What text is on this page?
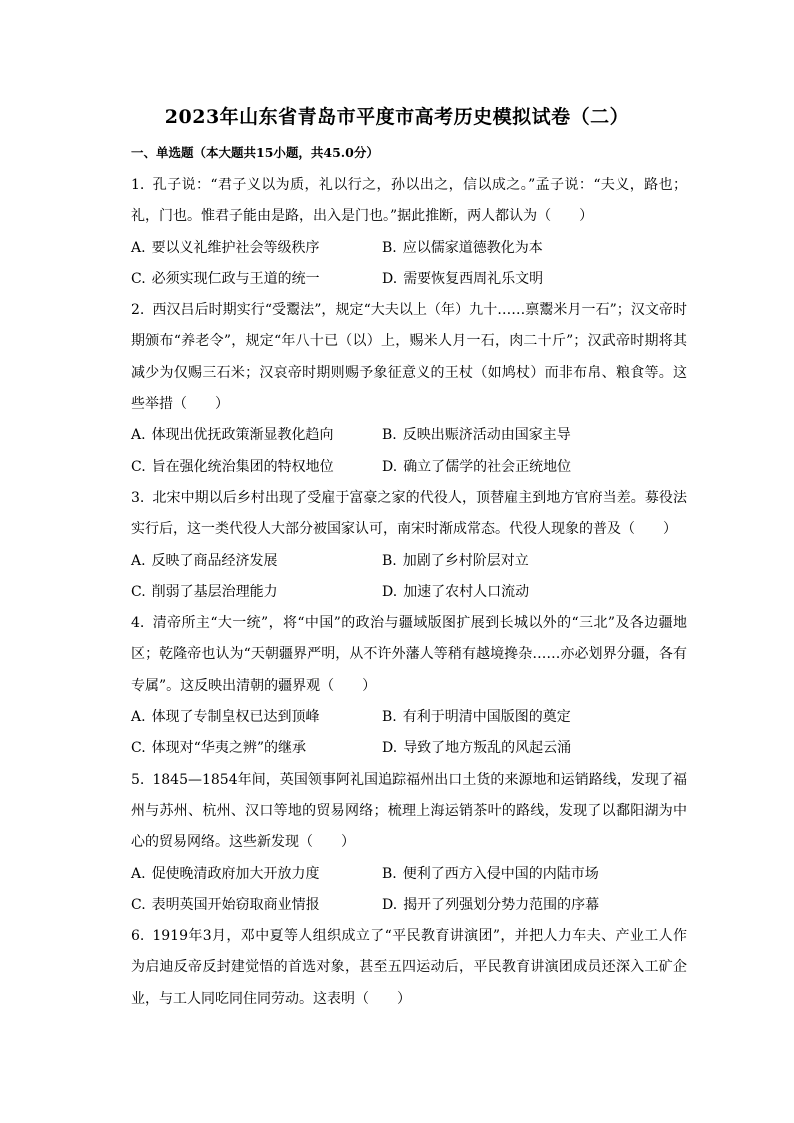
2023年山东省青岛市平度市高考历史模拟试卷（二）
一、单选题（本大题共15小题，共45.0分）

1. 孔子说：“君子义以为质，礼以行之，孙以出之，信以成之。”孟子说：“夫义，路也；礼，门也。惟君子能由是路，出入是门也。”据此推断，两人都认为（　　）

A. 要以义礼维护社会等级秩序	B. 应以儒家道德教化为本
C. 必须实现仁政与王道的统一	D. 需要恢复西周礼乐文明

2. 西汉吕后时期实行“受鬻法”，规定“大夫以上（年）九十……禀鬻米月一石”；汉文帝时期颁布“养老令”，规定“年八十已（以）上，赐米人月一石，肉二十斤”；汉武帝时期将其减少为仅赐三石米；汉哀帝时期则赐予象征意义的王杖（如鸠杖）而非布帛、粮食等。这些举措（　　）

A. 体现出优抚政策渐显教化趋向	B. 反映出赈济活动由国家主导
C. 旨在强化统治集团的特权地位	D. 确立了儒学的社会正统地位

3. 北宋中期以后乡村出现了受雇于富豪之家的代役人，顶替雇主到地方官府当差。募役法实行后，这一类代役人大部分被国家认可，南宋时渐成常态。代役人现象的普及（　　）

A. 反映了商品经济发展	B. 加剧了乡村阶层对立
C. 削弱了基层治理能力	D. 加速了农村人口流动

4. 清帝所主“大一统”，将“中国”的政治与疆域版图扩展到长城以外的“三北”及各边疆地区；乾隆帝也认为“天朝疆界严明，从不许外藩人等稍有越境搀杂……亦必划界分疆，各有专属”。这反映出清朝的疆界观（　　）

A. 体现了专制皇权已达到顶峰	B. 有利于明清中国版图的奠定
C. 体现对“华夷之辨”的继承	D. 导致了地方叛乱的风起云涌

5. 1845—1854年间，英国领事阿礼国追踪福州出口土货的来源地和运销路线，发现了福州与苏州、杭州、汉口等地的贸易网络；梳理上海运销茶叶的路线，发现了以鄱阳湖为中心的贸易网络。这些新发现（　　）

A. 促使晚清政府加大开放力度	B. 便利了西方入侵中国的内陆市场
C. 表明英国开始窃取商业情报	D. 揭开了列强划分势力范围的序幕

6. 1919年3月，邓中夏等人组织成立了“平民教育讲演团”，并把人力车夫、产业工人作为启迪反帝反封建觉悟的首选对象，甚至五四运动后，平民教育讲演团成员还深入工矿企业，与工人同吃同住同劳动。这表明（　　）
